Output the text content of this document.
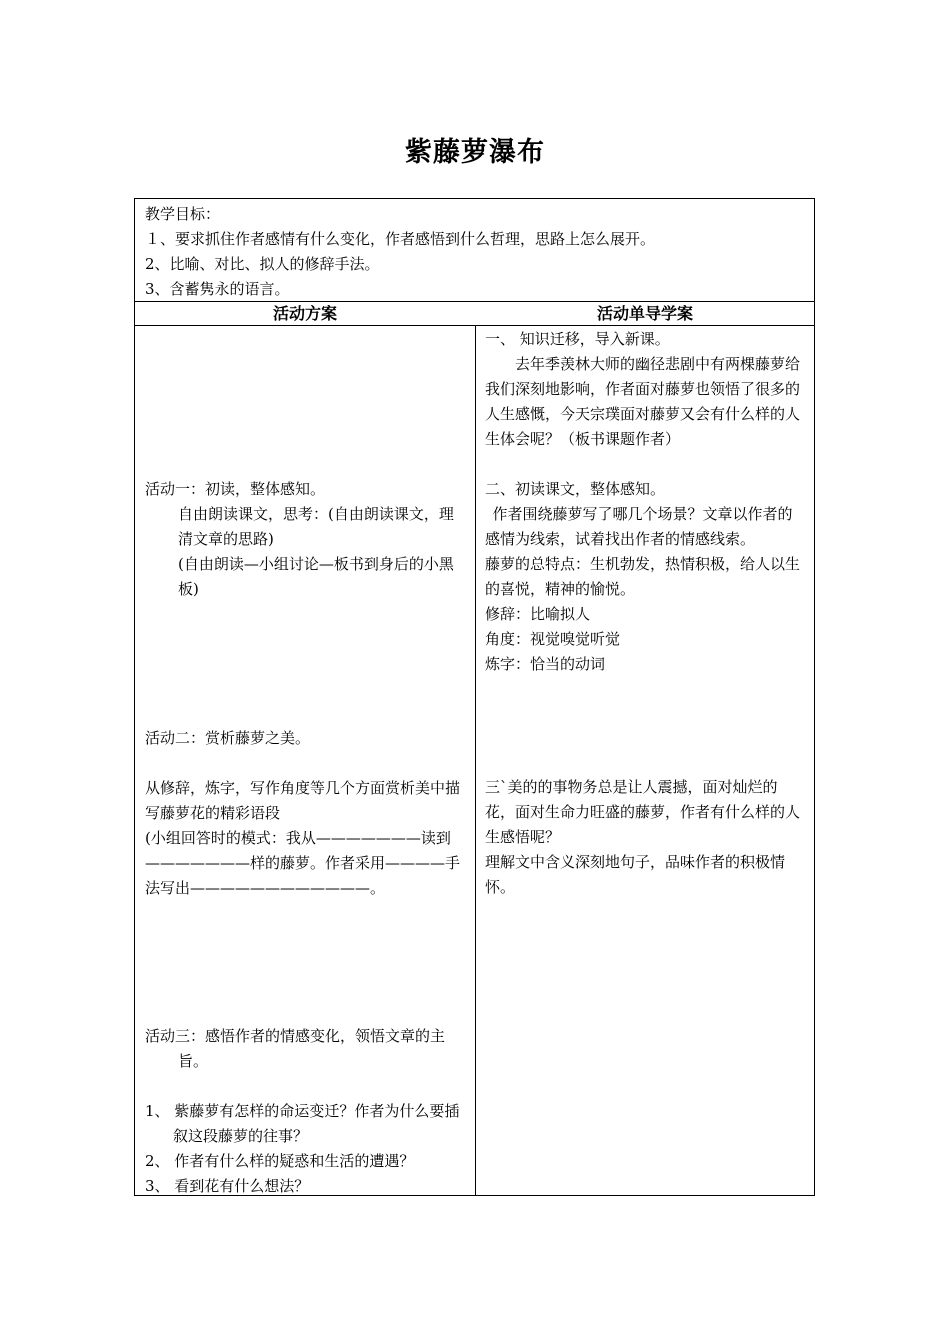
紫藤萝瀑布
教学目标：
１、要求抓住作者感情有什么变化，作者感悟到什么哲理，思路上怎么展开。
2、比喻、对比、拟人的修辞手法。
3、含蓄隽永的语言。
活动方案	活动单导学案
活动一：初读，整体感知。
自由朗读课文，思考：(自由朗读课文，理清文章的思路)
(自由朗读—小组讨论—板书到身后的小黑板)
活动二：赏析藤萝之美。
从修辞，炼字，写作角度等几个方面赏析美中描写藤萝花的精彩语段
(小组回答时的模式：我从———————读到———————样的藤萝。作者采用————手法写出————————————。
活动三：感悟作者的情感变化，领悟文章的主旨。
1、 紫藤萝有怎样的命运变迁？作者为什么要插叙这段藤萝的往事？
2、 作者有什么样的疑惑和生活的遭遇？
3、 看到花有什么想法？
一、 知识迁移，导入新课。
去年季羡林大师的幽径悲剧中有两棵藤萝给我们深刻地影响，作者面对藤萝也领悟了很多的人生感慨，今天宗璞面对藤萝又会有什么样的人生体会呢？（板书课题作者）
二、初读课文，整体感知。
作者围绕藤萝写了哪几个场景？文章以作者的感情为线索，试着找出作者的情感线索。
藤萝的总特点：生机勃发，热情积极，给人以生的喜悦，精神的愉悦。
修辞：比喻拟人
角度：视觉嗅觉听觉
炼字：恰当的动词
三`美的的事物务总是让人震撼，面对灿烂的花，面对生命力旺盛的藤萝，作者有什么样的人生感悟呢？
理解文中含义深刻地句子，品味作者的积极情怀。
